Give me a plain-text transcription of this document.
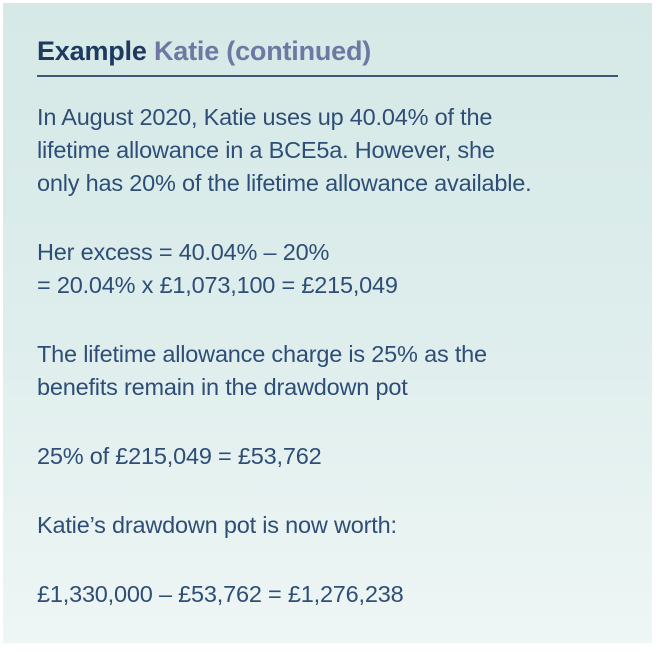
Example Katie (continued)

In August 2020, Katie uses up 40.04% of the
lifetime allowance in a BCE5a. However, she
only has 20% of the lifetime allowance available.

Her excess = 40.04% – 20%
= 20.04% x £1,073,100 = £215,049

The lifetime allowance charge is 25% as the
benefits remain in the drawdown pot

25% of £215,049 = £53,762

Katie’s drawdown pot is now worth:

£1,330,000 – £53,762 = £1,276,238
